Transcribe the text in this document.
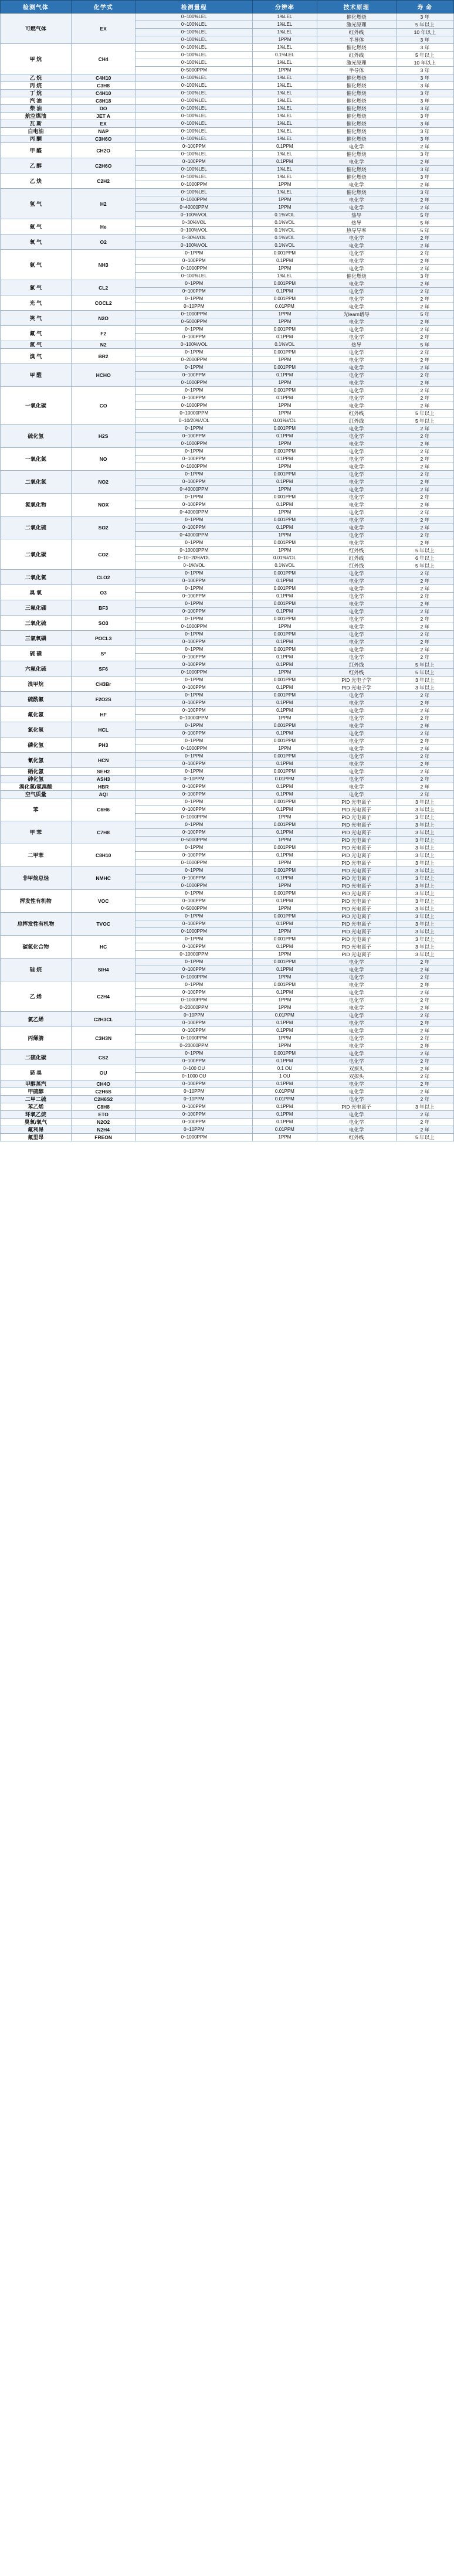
检测气体	化学式	检测量程	分辨率	技术原理	寿 命
可燃气体	EX	0~100%LEL	1%LEL	催化燃烧	3 年
		0~100%LEL	1%LEL	激光原理	5 年以上
		0~100%LEL	1%LEL	红外线	10 年以上
		0~100%LEL	1PPM	半导体	3 年
甲 烷	CH4	0~100%LEL	1%LEL	催化燃烧	3 年
		0~100%LEL	0.1%LEL	红外线	5 年以上
		0~100%LEL	1%LEL	激光原理	10 年以上
		0~5000PPM	1PPM	半导体	3 年
乙 烷	C4H10	0~100%LEL	1%LEL	催化燃烧	3 年
丙 烷	C3H8	0~100%LEL	1%LEL	催化燃烧	3 年
丁 烷	C4H10	0~100%LEL	1%LEL	催化燃烧	3 年
汽 油	C8H18	0~100%LEL	1%LEL	催化燃烧	3 年
柴 油	DO	0~100%LEL	1%LEL	催化燃烧	3 年
航空煤油	JET A	0~100%LEL	1%LEL	催化燃烧	3 年
瓦 斯	EX	0~100%LEL	1%LEL	催化燃烧	3 年
白电油	NAP	0~100%LEL	1%LEL	催化燃烧	3 年
丙 酮	C3H6O	0~100%LEL	1%LEL	催化燃烧	3 年
甲 醛	CH2O	0~100PPM	0.1PPM	电化学	2 年
		0~100%LEL	1%LEL	催化燃烧	3 年
乙 醇	C2H6O	0~100PPM	0.1PPM	电化学	2 年
		0~100%LEL	1%LEL	催化燃烧	3 年
乙 炔	C2H2	0~100%LEL	1%LEL	催化燃烧	3 年
		0~1000PPM	1PPM	电化学	2 年
氢 气	H2	0~100%LEL	1%LEL	催化燃烧	3 年
		0~1000PPM	1PPM	电化学	2 年
		0~40000PPM	1PPM	电化学	2 年
		0~100%VOL	0.1%VOL	热导	5 年
氦 气	He	0~30%VOL	0.1%VOL	热导	5 年
		0~100%VOL	0.1%VOL	热导导率	5 年
氧 气	O2	0~30%VOL	0.1%VOL	电化学	2 年
		0~100%VOL	0.1%VOL	电化学	2 年
氨 气	NH3	0~1PPM	0.001PPM	电化学	2 年
		0~100PPM	0.1PPM	电化学	2 年
		0~1000PPM	1PPM	电化学	2 年
		0~100%LEL	1%LEL	催化燃烧	3 年
氯 气	CL2	0~1PPM	0.001PPM	电化学	2 年
		0~100PPM	0.1PPM	电化学	2 年
光 气	COCL2	0~1PPM	0.001PPM	电化学	2 年
		0~10PPM	0.01PPM	电化学	2 年
笑 气	N2O	0~1000PPM	1PPM	光learn谱导	5 年
		0~5000PPM	1PPM	电化学	2 年
氟 气	F2	0~1PPM	0.001PPM	电化学	2 年
		0~100PPM	0.1PPM	电化学	2 年
氮 气	N2	0~100%VOL	0.1%VOL	热导	5 年
溴 气	BR2	0~1PPM	0.001PPM	电化学	2 年
		0~2000PPM	1PPM	电化学	2 年
甲 醛	HCHO	0~1PPM	0.001PPM	电化学	2 年
		0~100PPM	0.1PPM	电化学	2 年
		0~1000PPM	1PPM	电化学	2 年
一氧化碳	CO	0~1PPM	0.001PPM	电化学	2 年
		0~100PPM	0.1PPM	电化学	2 年
		0~1000PPM	1PPM	电化学	2 年
		0~10000PPM	1PPM	红外线	5 年以上
		0~10/20%VOL	0.01%VOL	红外线	5 年以上
硫化氢	H2S	0~1PPM	0.001PPM	电化学	2 年
		0~100PPM	0.1PPM	电化学	2 年
		0~1000PPM	1PPM	电化学	2 年
一氧化氮	NO	0~1PPM	0.001PPM	电化学	2 年
		0~100PPM	0.1PPM	电化学	2 年
		0~1000PPM	1PPM	电化学	2 年
二氧化氮	NO2	0~1PPM	0.001PPM	电化学	2 年
		0~100PPM	0.1PPM	电化学	2 年
		0~40000PPM	1PPM	电化学	2 年
氮氧化物	NOX	0~1PPM	0.001PPM	电化学	2 年
		0~100PPM	0.1PPM	电化学	2 年
		0~40000PPM	1PPM	电化学	2 年
二氧化硫	SO2	0~1PPM	0.001PPM	电化学	2 年
		0~100PPM	0.1PPM	电化学	2 年
		0~40000PPM	1PPM	电化学	2 年
二氧化碳	CO2	0~1PPM	0.001PPM	电化学	2 年
		0~10000PPM	1PPM	红外线	5 年以上
		0~10~20%VOL	0.01%VOL	红外线	6 年以上
		0~1%VOL	0.1%VOL	红外线	5 年以上
二氧化氯	CLO2	0~1PPM	0.001PPM	电化学	2 年
		0~100PPM	0.1PPM	电化学	2 年
臭 氧	O3	0~1PPM	0.001PPM	电化学	2 年
		0~100PPM	0.1PPM	电化学	2 年
三氟化硼	BF3	0~1PPM	0.001PPM	电化学	2 年
		0~100PPM	0.1PPM	电化学	2 年
三氧化硫	SO3	0~1PPM	0.001PPM	电化学	2 年
		0~1000PPM	1PPM	电化学	2 年
三氯氧磷	POCL3	0~1PPM	0.001PPM	电化学	2 年
		0~100PPM	0.1PPM	电化学	2 年
硫 磺	S*	0~1PPM	0.001PPM	电化学	2 年
		0~100PPM	0.1PPM	电化学	2 年
六氟化硫	SF6	0~100PPM	0.1PPM	红外线	5 年以上
		0~1000PPM	1PPM	红外线	5 年以上
溴甲烷	CH3Br	0~1PPM	0.001PPM	PID 光电子学	3 年以上
		0~100PPM	0.1PPM	PID 光电子学	3 年以上
硫酰氟	F2O2S	0~1PPM	0.001PPM	电化学	2 年
		0~100PPM	0.1PPM	电化学	2 年
氟化氢	HF	0~100PPM	0.1PPM	电化学	2 年
		0~10000PPM	1PPM	电化学	2 年
氯化氢	HCL	0~1PPM	0.001PPM	电化学	2 年
		0~100PPM	0.1PPM	电化学	2 年
磷化氢	PH3	0~1PPM	0.001PPM	电化学	2 年
		0~1000PPM	1PPM	电化学	2 年
氰化氢	HCN	0~1PPM	0.001PPM	电化学	2 年
		0~100PPM	0.1PPM	电化学	2 年
硒化氢	SEH2	0~1PPM	0.001PPM	电化学	2 年
砷化氢	ASH3	0~10PPM	0.01PPM	电化学	2 年
溴化氢/氢溴酸	HBR	0~100PPM	0.1PPM	电化学	2 年
空气质量	AQI	0~100PPM	0.1PPM	电化学	2 年
苯	C6H6	0~1PPM	0.001PPM	PID 光电离子	3 年以上
		0~100PPM	0.1PPM	PID 光电离子	3 年以上
		0~1000PPM	1PPM	PID 光电离子	3 年以上
甲 苯	C7H8	0~1PPM	0.001PPM	PID 光电离子	3 年以上
		0~100PPM	0.1PPM	PID 光电离子	3 年以上
		0~5000PPM	1PPM	PID 光电离子	3 年以上
二甲苯	C8H10	0~1PPM	0.001PPM	PID 光电离子	3 年以上
		0~100PPM	0.1PPM	PID 光电离子	3 年以上
		0~1000PPM	1PPM	PID 光电离子	3 年以上
非甲烷总烃	NMHC	0~1PPM	0.001PPM	PID 光电离子	3 年以上
		0~100PPM	0.1PPM	PID 光电离子	3 年以上
		0~1000PPM	1PPM	PID 光电离子	3 年以上
挥发性有机物	VOC	0~1PPM	0.001PPM	PID 光电离子	3 年以上
		0~100PPM	0.1PPM	PID 光电离子	3 年以上
		0~5000PPM	1PPM	PID 光电离子	3 年以上
总挥发性有机物	TVOC	0~1PPM	0.001PPM	PID 光电离子	3 年以上
		0~100PPM	0.1PPM	PID 光电离子	3 年以上
		0~1000PPM	1PPM	PID 光电离子	3 年以上
碳氢化合物	HC	0~1PPM	0.001PPM	PID 光电离子	3 年以上
		0~100PPM	0.1PPM	PID 光电离子	3 年以上
		0~10000PPM	1PPM	PID 光电离子	3 年以上
硅 烷	SIH4	0~1PPM	0.001PPM	电化学	2 年
		0~100PPM	0.1PPM	电化学	2 年
		0~1000PPM	1PPM	电化学	2 年
乙 烯	C2H4	0~1PPM	0.001PPM	电化学	2 年
		0~100PPM	0.1PPM	电化学	2 年
		0~1000PPM	1PPM	电化学	2 年
		0~20000PPM	1PPM	电化学	2 年
氯乙烯	C2H3CL	0~10PPM	0.01PPM	电化学	2 年
		0~100PPM	0.1PPM	电化学	2 年
丙烯腈	C3H3N	0~100PPM	0.1PPM	电化学	2 年
		0~1000PPM	1PPM	电化学	2 年
		0~20000PPM	1PPM	电化学	2 年
二硫化碳	CS2	0~1PPM	0.001PPM	电化学	2 年
		0~100PPM	0.1PPM	电化学	2 年
恶 臭	OU	0~100 OU	0.1 OU	双探头	2 年
		0~1000 OU	1 OU	双探头	2 年
甲醇蒸汽	CH4O	0~100PPM	0.1PPM	电化学	2 年
甲硫醇	C2H6S	0~10PPM	0.01PPM	电化学	2 年
二甲二硫	C2H6S2	0~10PPM	0.01PPM	电化学	2 年
苯乙烯	C8H8	0~100PPM	0.1PPM	PID 光电离子	3 年以上
环氧乙烷	ETO	0~100PPM	0.1PPM	电化学	2 年
臭氧/氧气	N2O2	0~100PPM	0.1PPM	电化学	2 年
氟利昂	N2H4	0~10PPM	0.01PPM	电化学	2 年
氟里昂	FREON	0~1000PPM	1PPM	红外线	5 年以上
